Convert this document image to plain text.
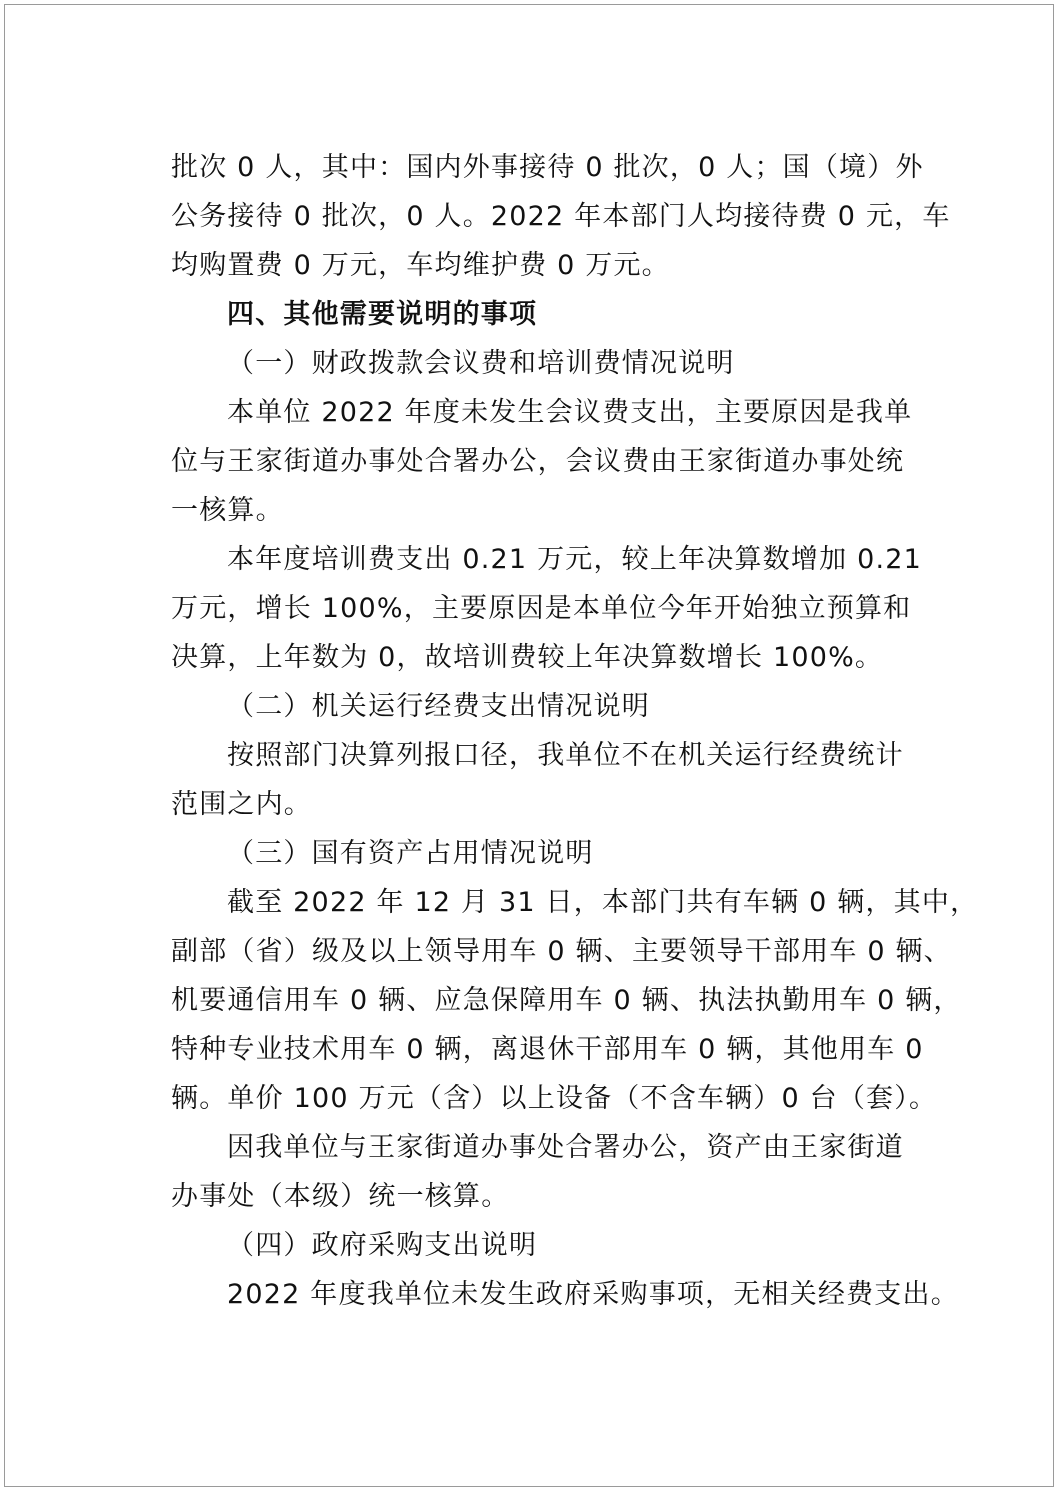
批次 0 人，其中：国内外事接待 0 批次，0 人；国（境）外
公务接待 0 批次，0 人。2022 年本部门人均接待费 0 元，车
均购置费 0 万元，车均维护费 0 万元。
四、其他需要说明的事项
（一）财政拨款会议费和培训费情况说明
本单位 2022 年度未发生会议费支出，主要原因是我单
位与王家街道办事处合署办公，会议费由王家街道办事处统
一核算。
本年度培训费支出 0.21 万元，较上年决算数增加 0.21
万元，增长 100%，主要原因是本单位今年开始独立预算和
决算，上年数为 0，故培训费较上年决算数增长 100%。
（二）机关运行经费支出情况说明
按照部门决算列报口径，我单位不在机关运行经费统计
范围之内。
（三）国有资产占用情况说明
截至 2022 年 12 月 31 日，本部门共有车辆 0 辆，其中，
副部（省）级及以上领导用车 0 辆、主要领导干部用车 0 辆、
机要通信用车 0 辆、应急保障用车 0 辆、执法执勤用车 0 辆，
特种专业技术用车 0 辆，离退休干部用车 0 辆，其他用车 0
辆。单价 100 万元（含）以上设备（不含车辆）0 台（套）。
因我单位与王家街道办事处合署办公，资产由王家街道
办事处（本级）统一核算。
（四）政府采购支出说明
2022 年度我单位未发生政府采购事项，无相关经费支出。
